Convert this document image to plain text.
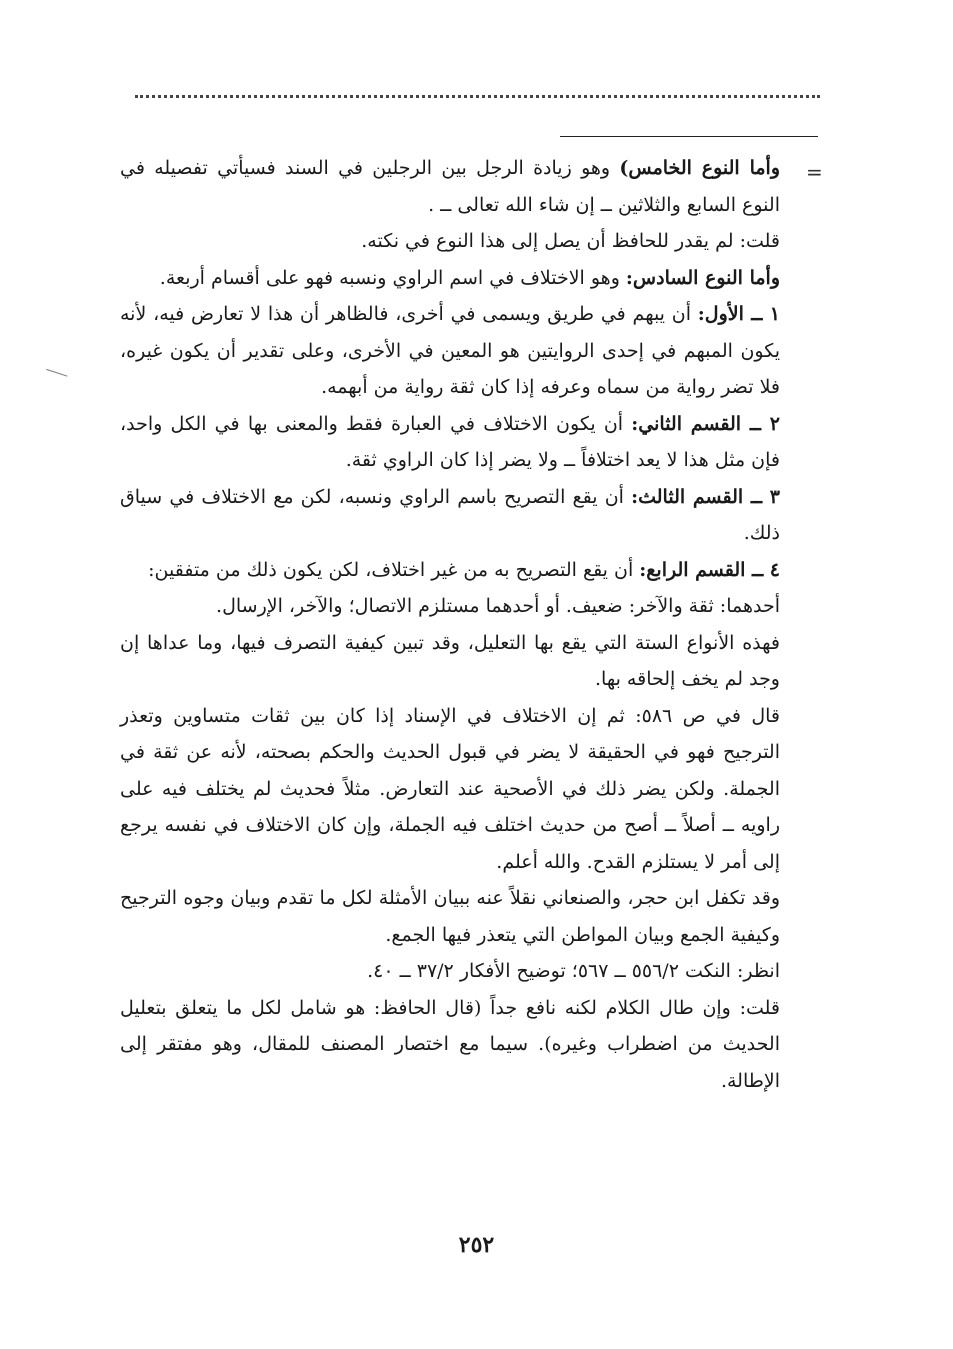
=

وأما النوع الخامس) وهو زيادة الرجل بين الرجلين في السند فسيأتي تفصيله في النوع السابع والثلاثين ــ إن شاء الله تعالى ــ .

قلت: لم يقدر للحافظ أن يصل إلى هذا النوع في نكته.

وأما النوع السادس: وهو الاختلاف في اسم الراوي ونسبه فهو على أقسام أربعة.

١ ــ الأول: أن يبهم في طريق ويسمى في أخرى، فالظاهر أن هذا لا تعارض فيه، لأنه يكون المبهم في إحدى الروايتين هو المعين في الأخرى، وعلى تقدير أن يكون غيره، فلا تضر رواية من سماه وعرفه إذا كان ثقة رواية من أبهمه.

٢ ــ القسم الثاني: أن يكون الاختلاف في العبارة فقط والمعنى بها في الكل واحد، فإن مثل هذا لا يعد اختلافاً ــ ولا يضر إذا كان الراوي ثقة.

٣ ــ القسم الثالث: أن يقع التصريح باسم الراوي ونسبه، لكن مع الاختلاف في سياق ذلك.

٤ ــ القسم الرابع: أن يقع التصريح به من غير اختلاف، لكن يكون ذلك من متفقين:

أحدهما: ثقة والآخر: ضعيف. أو أحدهما مستلزم الاتصال؛ والآخر، الإرسال.

فهذه الأنواع الستة التي يقع بها التعليل، وقد تبين كيفية التصرف فيها، وما عداها إن وجد لم يخف إلحاقه بها.

قال في ص ٥٨٦: ثم إن الاختلاف في الإسناد إذا كان بين ثقات متساوين وتعذر الترجيح فهو في الحقيقة لا يضر في قبول الحديث والحكم بصحته، لأنه عن ثقة في الجملة. ولكن يضر ذلك في الأصحية عند التعارض. مثلاً فحديث لم يختلف فيه على راويه ــ أصلاً ــ أصح من حديث اختلف فيه الجملة، وإن كان الاختلاف في نفسه يرجع إلى أمر لا يستلزم القدح. والله أعلم.

وقد تكفل ابن حجر، والصنعاني نقلاً عنه ببيان الأمثلة لكل ما تقدم وبيان وجوه الترجيح وكيفية الجمع وبيان المواطن التي يتعذر فيها الجمع.

انظر: النكت ٥٥٦/٢ ــ ٥٦٧؛ توضيح الأفكار ٣٧/٢ ــ ٤٠.

قلت: وإن طال الكلام لكنه نافع جداً (قال الحافظ: هو شامل لكل ما يتعلق بتعليل الحديث من اضطراب وغيره). سيما مع اختصار المصنف للمقال، وهو مفتقر إلى الإطالة.

٢٥٢
